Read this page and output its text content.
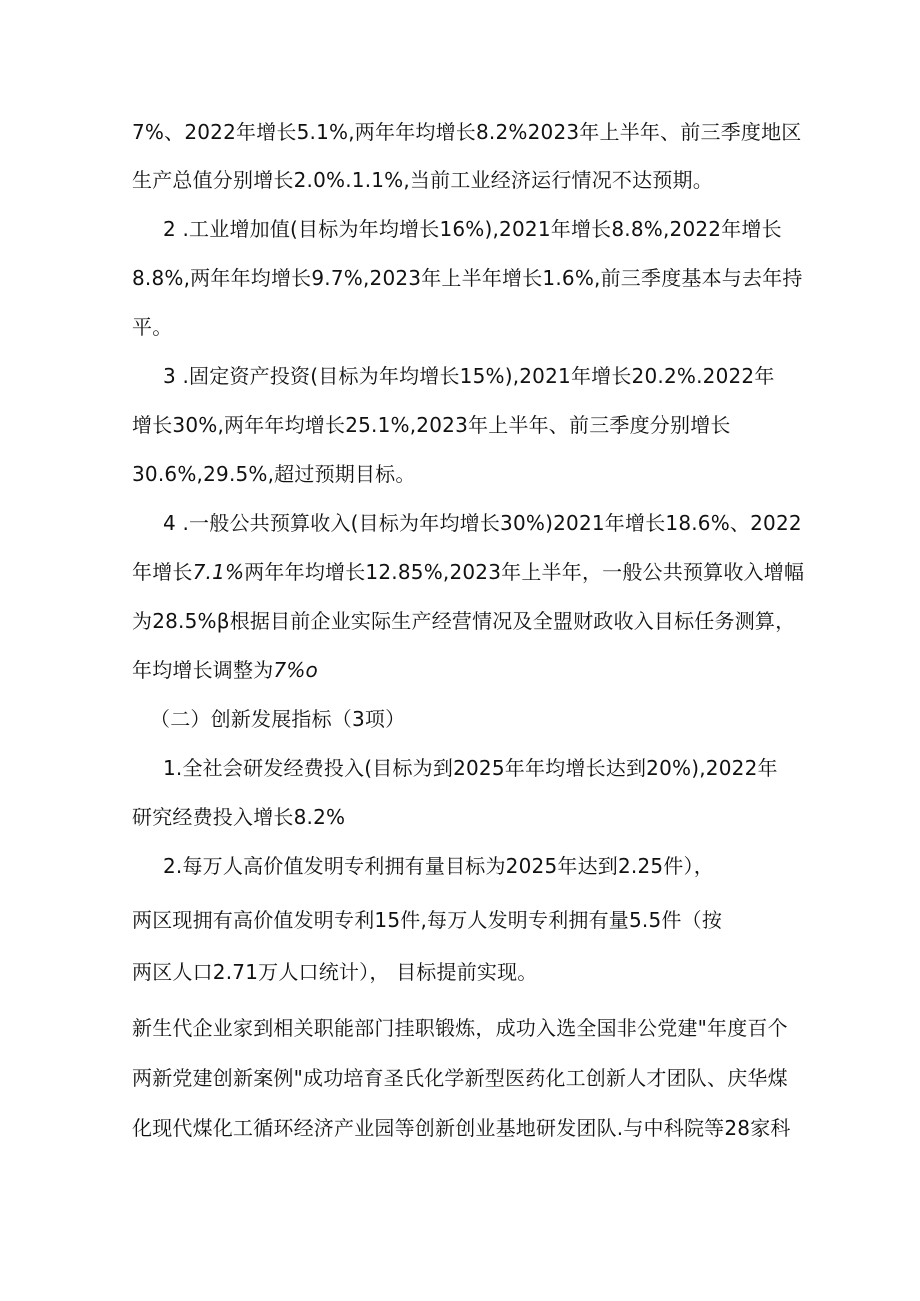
7%、2022年增长5.1%,两年年均增长8.2%2023年上半年、前三季度地区
生产总值分别增长2.0%.1.1%,当前工业经济运行情况不达预期。
2 .工业增加值(目标为年均增长16%),2021年增长8.8%,2022年增长
8.8%,两年年均增长9.7%,2023年上半年增长1.6%,前三季度基本与去年持
平。
3 .固定资产投资(目标为年均增长15%),2021年增长20.2%.2022年
增长30%,两年年均增长25.1%,2023年上半年、前三季度分别增长
30.6%,29.5%,超过预期目标。
4 .一般公共预算收入(目标为年均增长30%)2021年增长18.6%、2022
年增长7.1%两年年均增长12.85%,2023年上半年，一般公共预算收入增幅
为28.5%β根据目前企业实际生产经营情况及全盟财政收入目标任务测算，
年均增长调整为7%o
（二）创新发展指标（3项）
1.全社会研发经费投入(目标为到2025年年均增长达到20%),2022年
研究经费投入增长8.2%
2.每万人高价值发明专利拥有量目标为2025年达到2.25件），
两区现拥有高价值发明专利15件,每万人发明专利拥有量5.5件（按
两区人口2.71万人口统计）， 目标提前实现。
新生代企业家到相关职能部门挂职锻炼，成功入选全国非公党建"年度百个
两新党建创新案例"成功培育圣氏化学新型医药化工创新人才团队、庆华煤
化现代煤化工循环经济产业园等创新创业基地研发团队.与中科院等28家科
